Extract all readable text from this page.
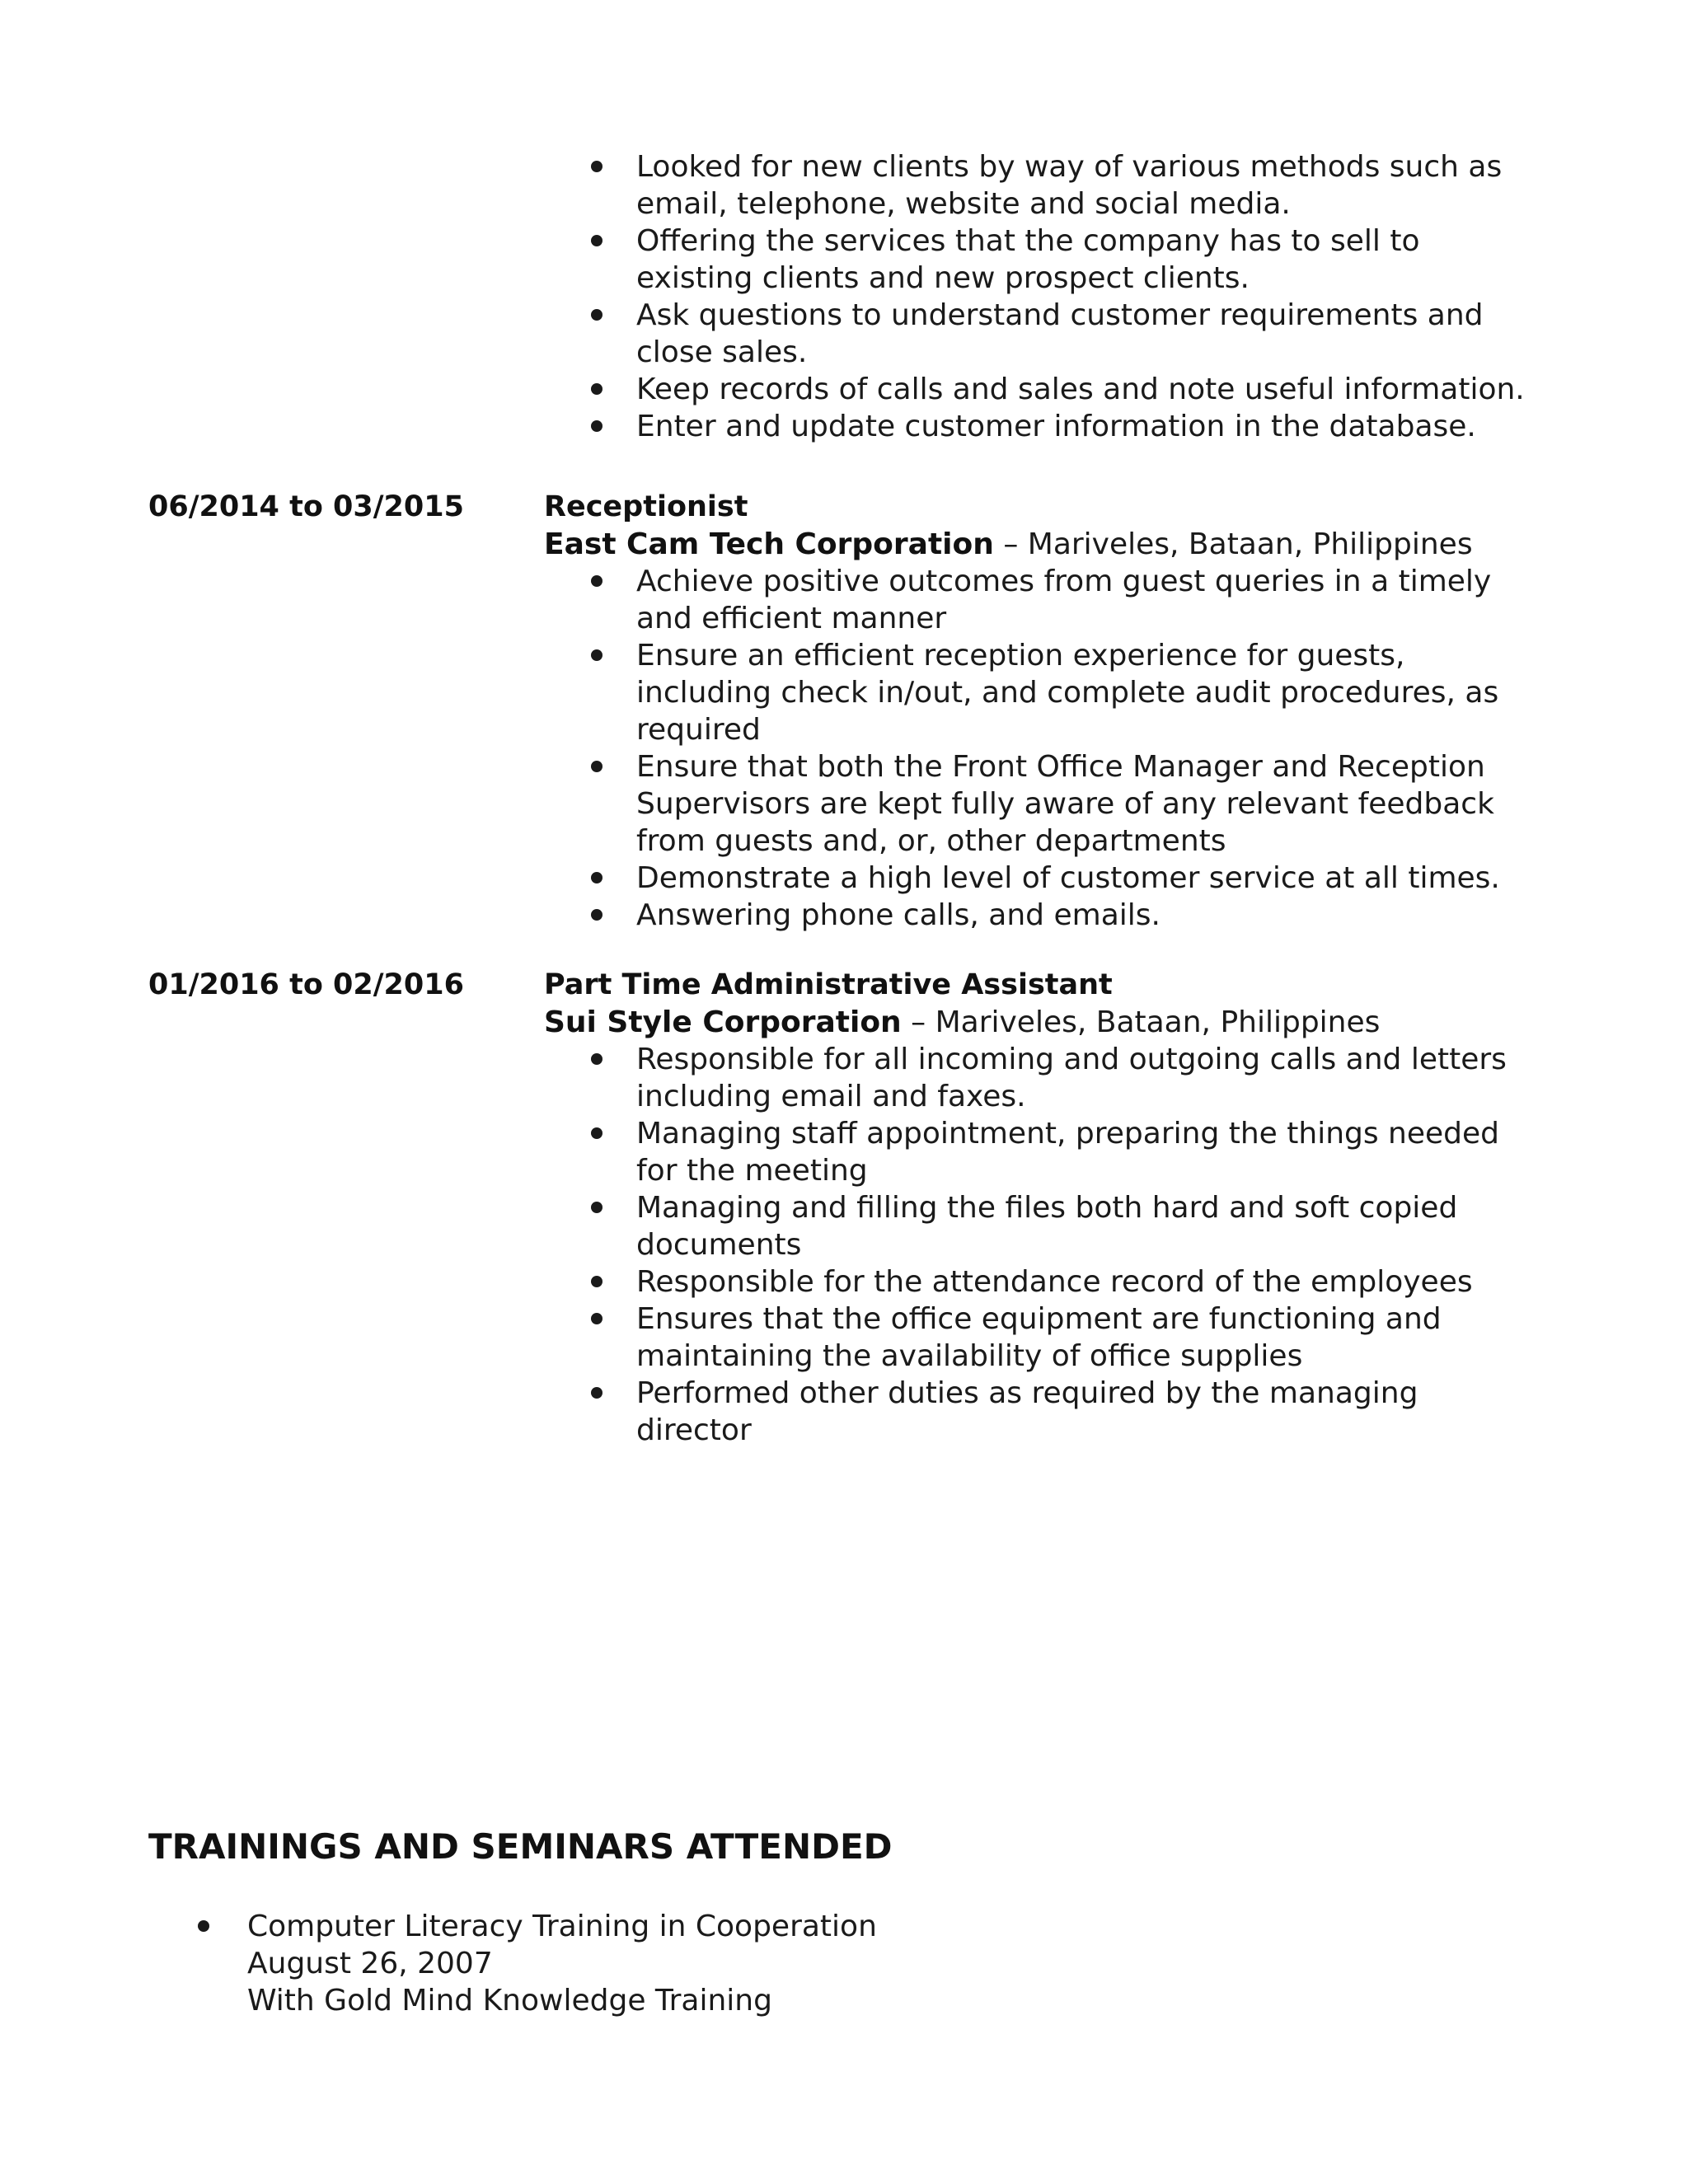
Looked for new clients by way of various methods such as email, telephone, website and social media.
Offering the services that the company has to sell to existing clients and new prospect clients.
Ask questions to understand customer requirements and close sales.
Keep records of calls and sales and note useful information.
Enter and update customer information in the database.
06/2014 to 03/2015	Receptionist
East Cam Tech Corporation – Mariveles, Bataan, Philippines
Achieve positive outcomes from guest queries in a timely and efficient manner
Ensure an efficient reception experience for guests, including check in/out, and complete audit procedures, as required
Ensure that both the Front Office Manager and Reception Supervisors are kept fully aware of any relevant feedback from guests and, or, other departments
Demonstrate a high level of customer service at all times.
Answering phone calls, and emails.
01/2016 to 02/2016	Part Time Administrative Assistant
Sui Style Corporation – Mariveles, Bataan, Philippines
Responsible for all incoming and outgoing calls and letters including email and faxes.
Managing staff appointment, preparing the things needed for the meeting
Managing and filling the files both hard and soft copied documents
Responsible for the attendance record of the employees
Ensures that the office equipment are functioning and maintaining the availability of office supplies
Performed other duties as required by the managing director
TRAININGS AND SEMINARS ATTENDED
Computer Literacy Training in Cooperation
August 26, 2007
With Gold Mind Knowledge Training
